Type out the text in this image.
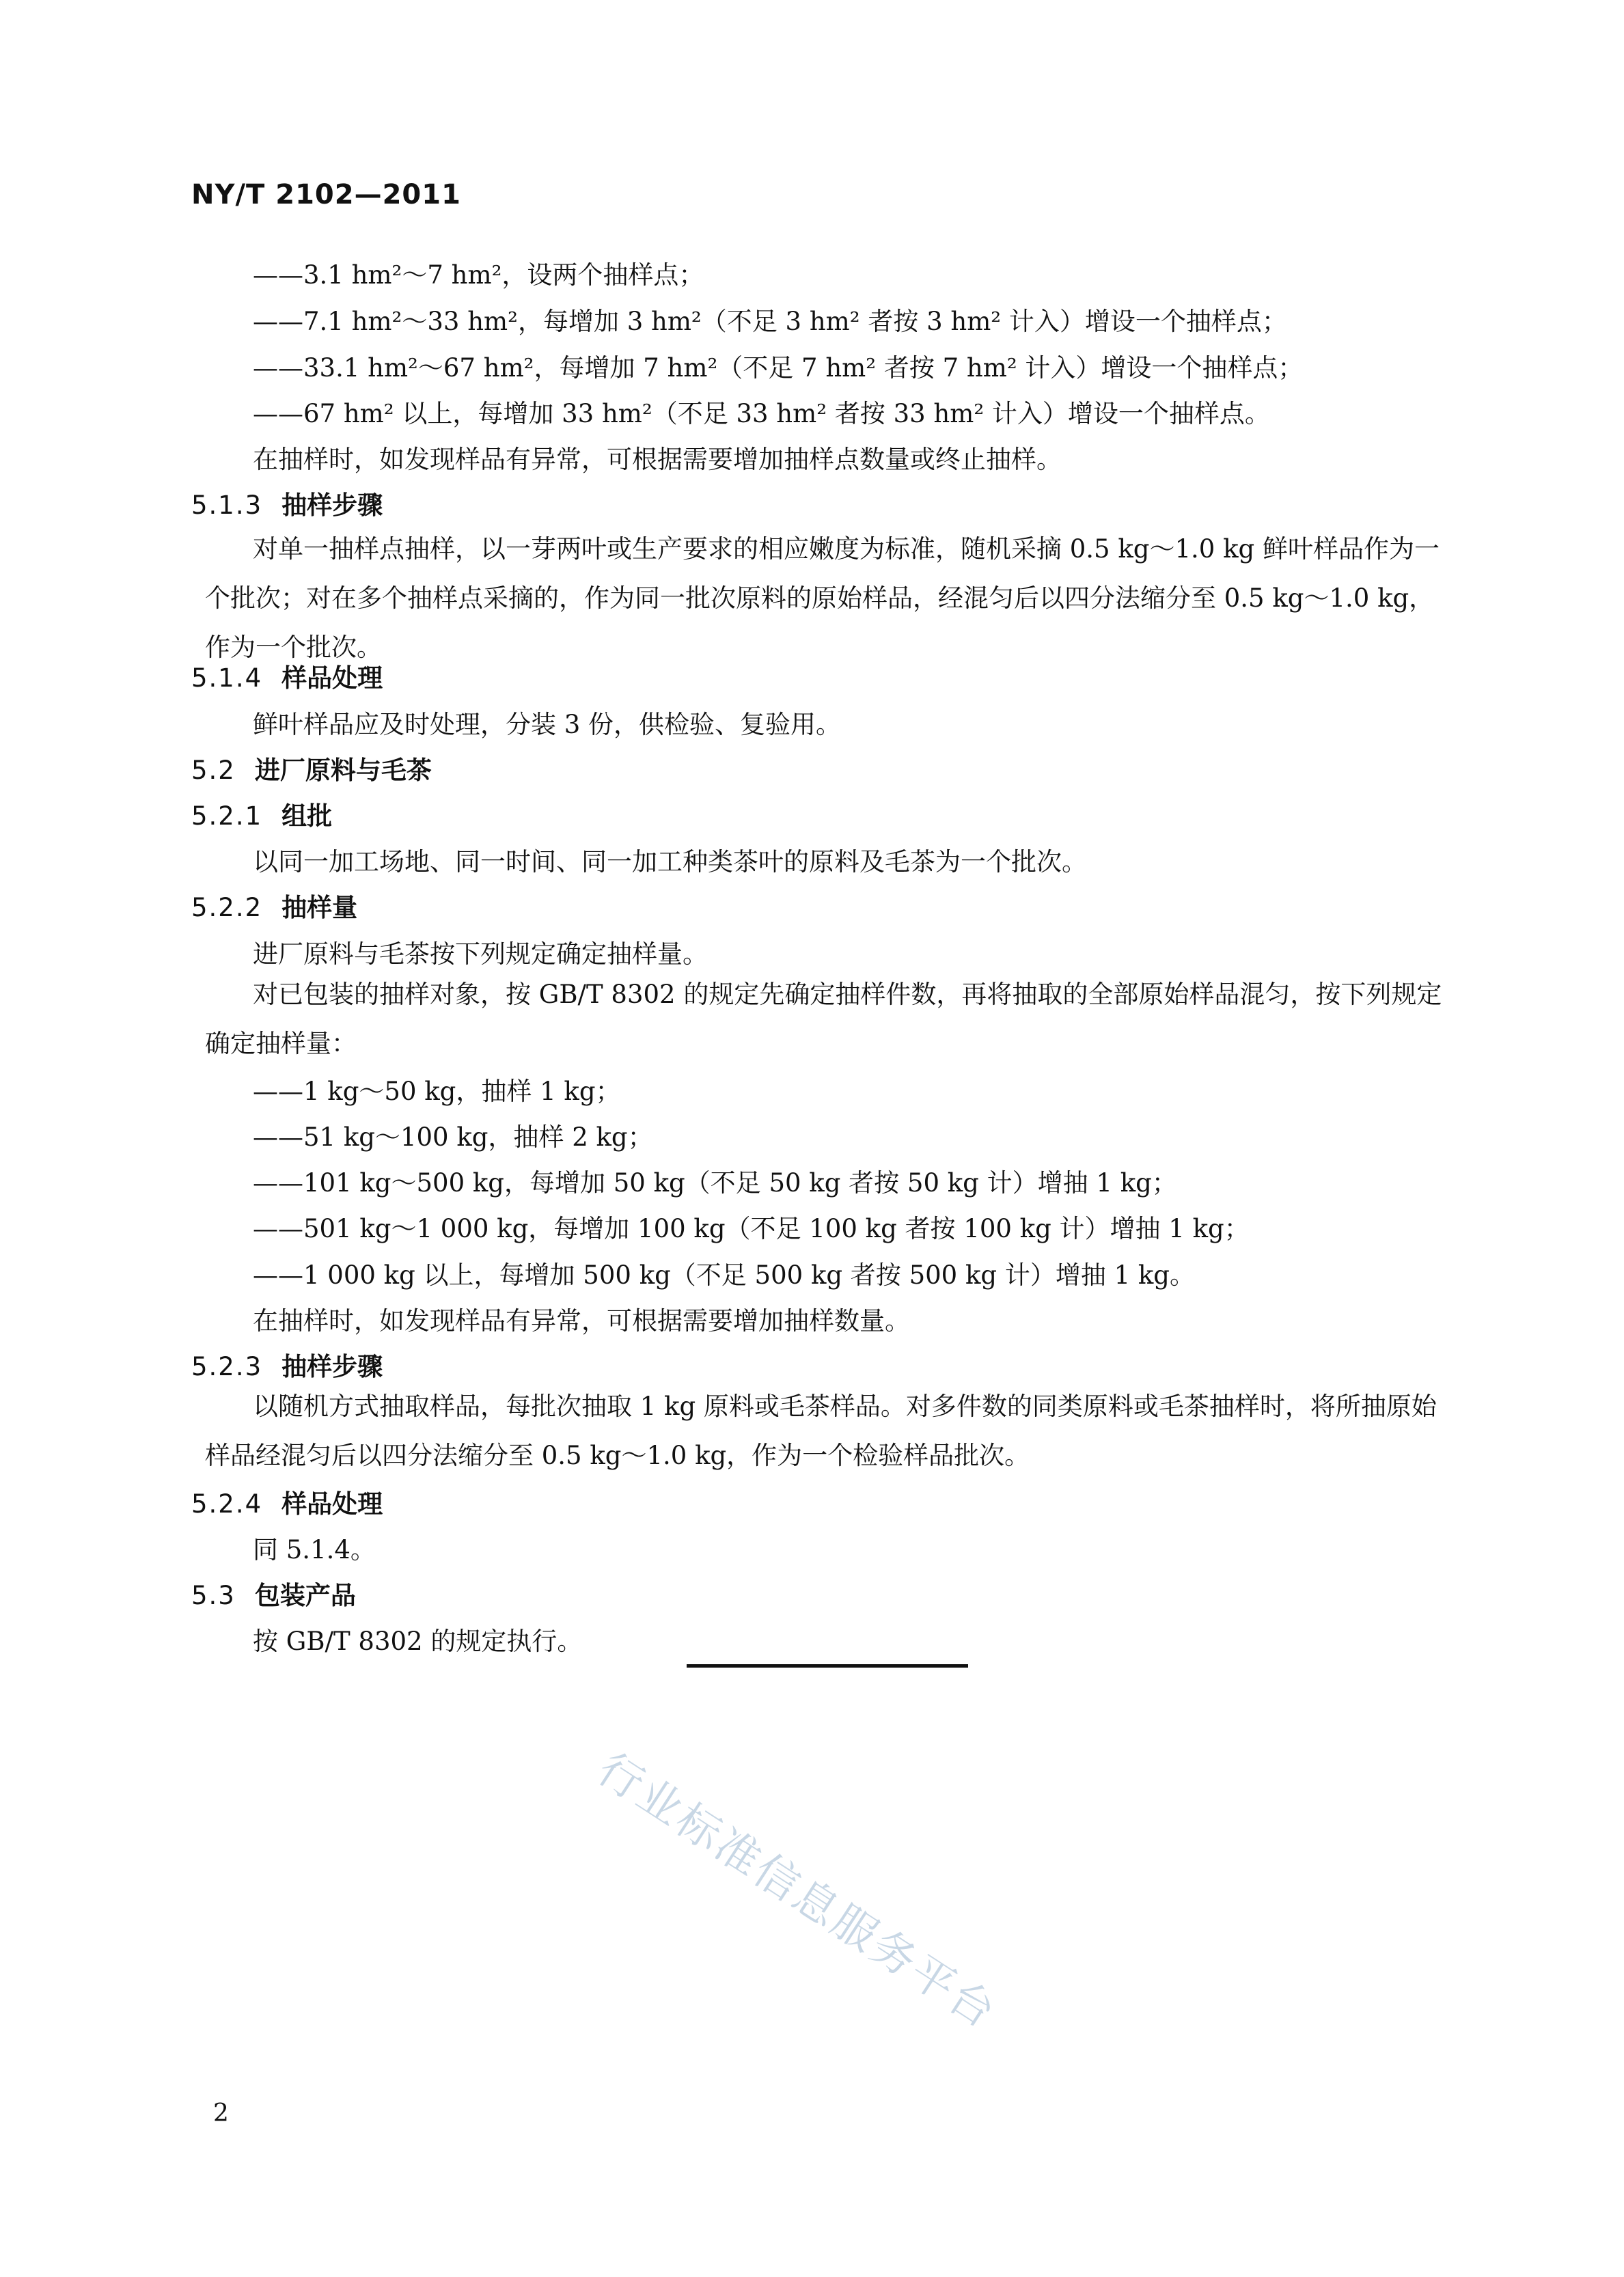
NY/T 2102—2011
——3.1 hm²～7 hm²，设两个抽样点；
——7.1 hm²～33 hm²，每增加 3 hm²（不足 3 hm² 者按 3 hm² 计入）增设一个抽样点；
——33.1 hm²～67 hm²，每增加 7 hm²（不足 7 hm² 者按 7 hm² 计入）增设一个抽样点；
——67 hm² 以上，每增加 33 hm²（不足 33 hm² 者按 33 hm² 计入）增设一个抽样点。
在抽样时，如发现样品有异常，可根据需要增加抽样点数量或终止抽样。
5.1.3 抽样步骤
对单一抽样点抽样，以一芽两叶或生产要求的相应嫩度为标准，随机采摘 0.5 kg～1.0 kg 鲜叶样品作为一个批次；对在多个抽样点采摘的，作为同一批次原料的原始样品，经混匀后以四分法缩分至 0.5 kg～1.0 kg，作为一个批次。
5.1.4 样品处理
鲜叶样品应及时处理，分装 3 份，供检验、复验用。
5.2 进厂原料与毛茶
5.2.1 组批
以同一加工场地、同一时间、同一加工种类茶叶的原料及毛茶为一个批次。
5.2.2 抽样量
进厂原料与毛茶按下列规定确定抽样量。
对已包装的抽样对象，按 GB/T 8302 的规定先确定抽样件数，再将抽取的全部原始样品混匀，按下列规定确定抽样量：
——1 kg～50 kg，抽样 1 kg；
——51 kg～100 kg，抽样 2 kg；
——101 kg～500 kg，每增加 50 kg（不足 50 kg 者按 50 kg 计）增抽 1 kg；
——501 kg～1 000 kg，每增加 100 kg（不足 100 kg 者按 100 kg 计）增抽 1 kg；
——1 000 kg 以上，每增加 500 kg（不足 500 kg 者按 500 kg 计）增抽 1 kg。
在抽样时，如发现样品有异常，可根据需要增加抽样数量。
5.2.3 抽样步骤
以随机方式抽取样品，每批次抽取 1 kg 原料或毛茶样品。对多件数的同类原料或毛茶抽样时，将所抽原始样品经混匀后以四分法缩分至 0.5 kg～1.0 kg，作为一个检验样品批次。
5.2.4 样品处理
同 5.1.4。
5.3 包装产品
按 GB/T 8302 的规定执行。
行业标准信息服务平台
2
